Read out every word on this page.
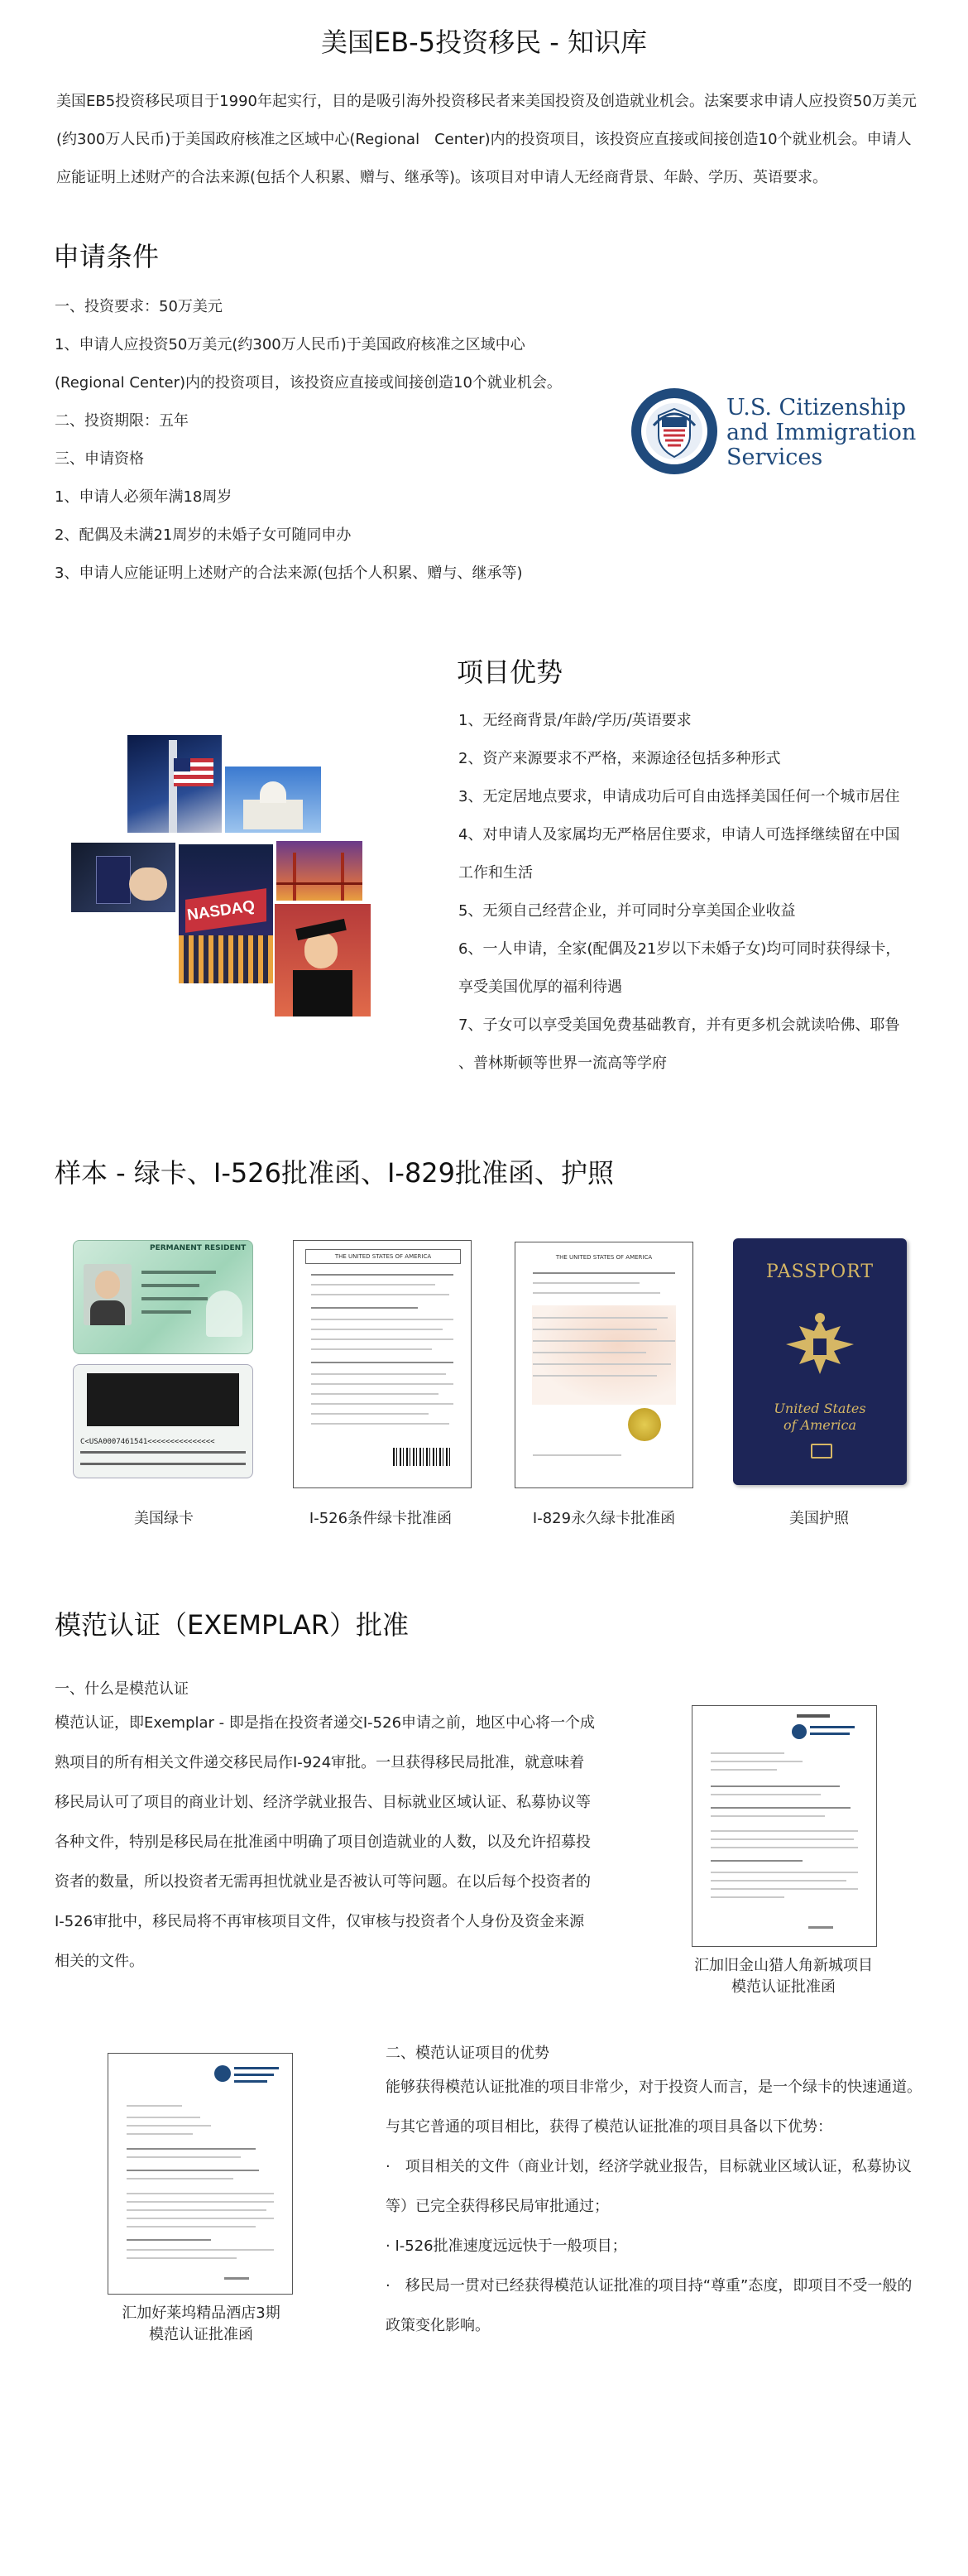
美国EB-5投资移民 - 知识库
美国EB5投资移民项目于1990年起实行，目的是吸引海外投资移民者来美国投资及创造就业机会。法案要求申请人应投资50万美元(约300万人民币)于美国政府核准之区域中心(Regional　Center)内的投资项目，该投资应直接或间接创造10个就业机会。申请人应能证明上述财产的合法来源(包括个人积累、赠与、继承等)。该项目对申请人无经商背景、年龄、学历、英语要求。
申请条件
一、投资要求：50万美元
1、申请人应投资50万美元(约300万人民币)于美国政府核准之区域中心
(Regional Center)内的投资项目，该投资应直接或间接创造10个就业机会。
二、投资期限：五年
三、申请资格
1、申请人必须年满18周岁
2、配偶及未满21周岁的未婚子女可随同申办
3、申请人应能证明上述财产的合法来源(包括个人积累、赠与、继承等)
U.S. Citizenship
and Immigration
Services
项目优势
1、无经商背景/年龄/学历/英语要求
2、资产来源要求不严格，来源途径包括多种形式
3、无定居地点要求，申请成功后可自由选择美国任何一个城市居住
4、对申请人及家属均无严格居住要求，申请人可选择继续留在中国
工作和生活
5、无须自己经营企业，并可同时分享美国企业收益
6、一人申请，全家(配偶及21岁以下未婚子女)均可同时获得绿卡，
享受美国优厚的福利待遇
7、子女可以享受美国免费基础教育，并有更多机会就读哈佛、耶鲁
、普林斯顿等世界一流高等学府
NASDAQ
样本 - 绿卡、I-526批准函、I-829批准函、护照
PERMANENT RESIDENT
C<USA0007461541<<<<<<<<<<<<<<<
美国绿卡
THE UNITED STATES OF AMERICA
I-526条件绿卡批准函
THE UNITED STATES OF AMERICA
I-829永久绿卡批准函
PASSPORT
United States
of America
美国护照
模范认证（EXEMPLAR）批准
一、什么是模范认证
模范认证，即Exemplar - 即是指在投资者递交I-526申请之前，地区中心将一个成熟项目的所有相关文件递交移民局作I-924审批。一旦获得移民局批准，就意味着移民局认可了项目的商业计划、经济学就业报告、目标就业区域认证、私募协议等各种文件，特别是移民局在批准函中明确了项目创造就业的人数，以及允许招募投资者的数量，所以投资者无需再担忧就业是否被认可等问题。在以后每个投资者的I-526审批中，移民局将不再审核项目文件，仅审核与投资者个人身份及资金来源相关的文件。	汇加旧金山猎人角新城项目
模范认证批准函
汇加好莱坞精品酒店3期
模范认证批准函
二、模范认证项目的优势
能够获得模范认证批准的项目非常少，对于投资人而言，是一个绿卡的快速通道。与其它普通的项目相比，获得了模范认证批准的项目具备以下优势：
·　项目相关的文件（商业计划，经济学就业报告，目标就业区域认证，私募协议等）已完全获得移民局审批通过；
· I-526批准速度远远快于一般项目；
·　移民局一贯对已经获得模范认证批准的项目持“尊重”态度，即项目不受一般的政策变化影响。
